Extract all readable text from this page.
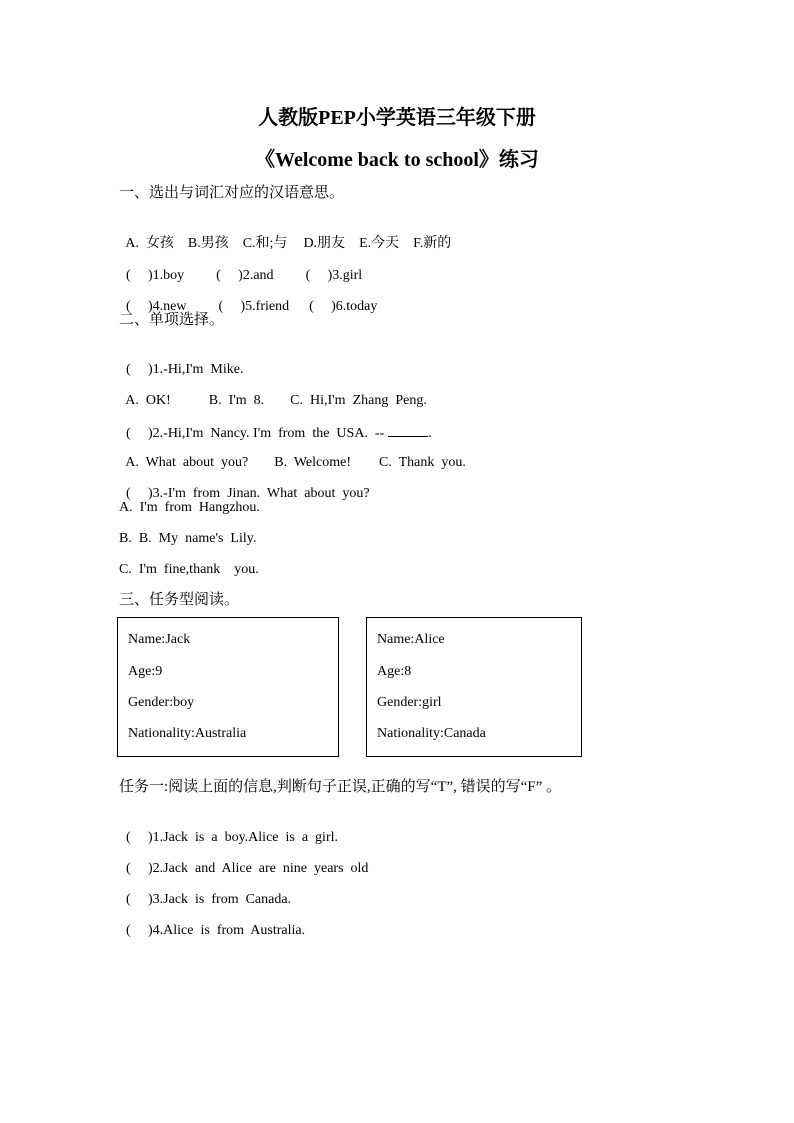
人教版PEP小学英语三年级下册
《Welcome back to school》练习
一、选出与词汇对应的汉语意思。

A.  女孩 B.男孩 C.和;与 D.朋友 E.今天 F.新的

( )1.boy ( )2.and ( )3.girl

( )4.new ( )5.friend ( )6.today

二、单项选择。

( )1.-Hi,I'm  Mike.

A.  OK!	B.  I'm  8. C.  Hi,I'm  Zhang  Peng.

( )2.-Hi,I'm  Nancy. I'm  from  the  USA.  --	.

A.  What  about  you? B.  Welcome! C.  Thank  you.

( )3.-I'm  from  Jinan.  What  about  you?

A.  I'm  from  Hangzhou.
B.  B.  My  name's  Lily.
C.  I'm  fine,thank    you.
三、任务型阅读。
Name:Jack
Age:9
Gender:boy
Nationality:Australia
Name:Alice
Age:8
Gender:girl
Nationality:Canada
任务一:阅读上面的信息,判断句子正误,正确的写“T”, 错误的写“F” 。

( )1.Jack  is  a  boy.Alice  is  a  girl.

( )2.Jack  and  Alice  are  nine  years  old

( )3.Jack  is  from  Canada.

( )4.Alice  is  from  Australia.
